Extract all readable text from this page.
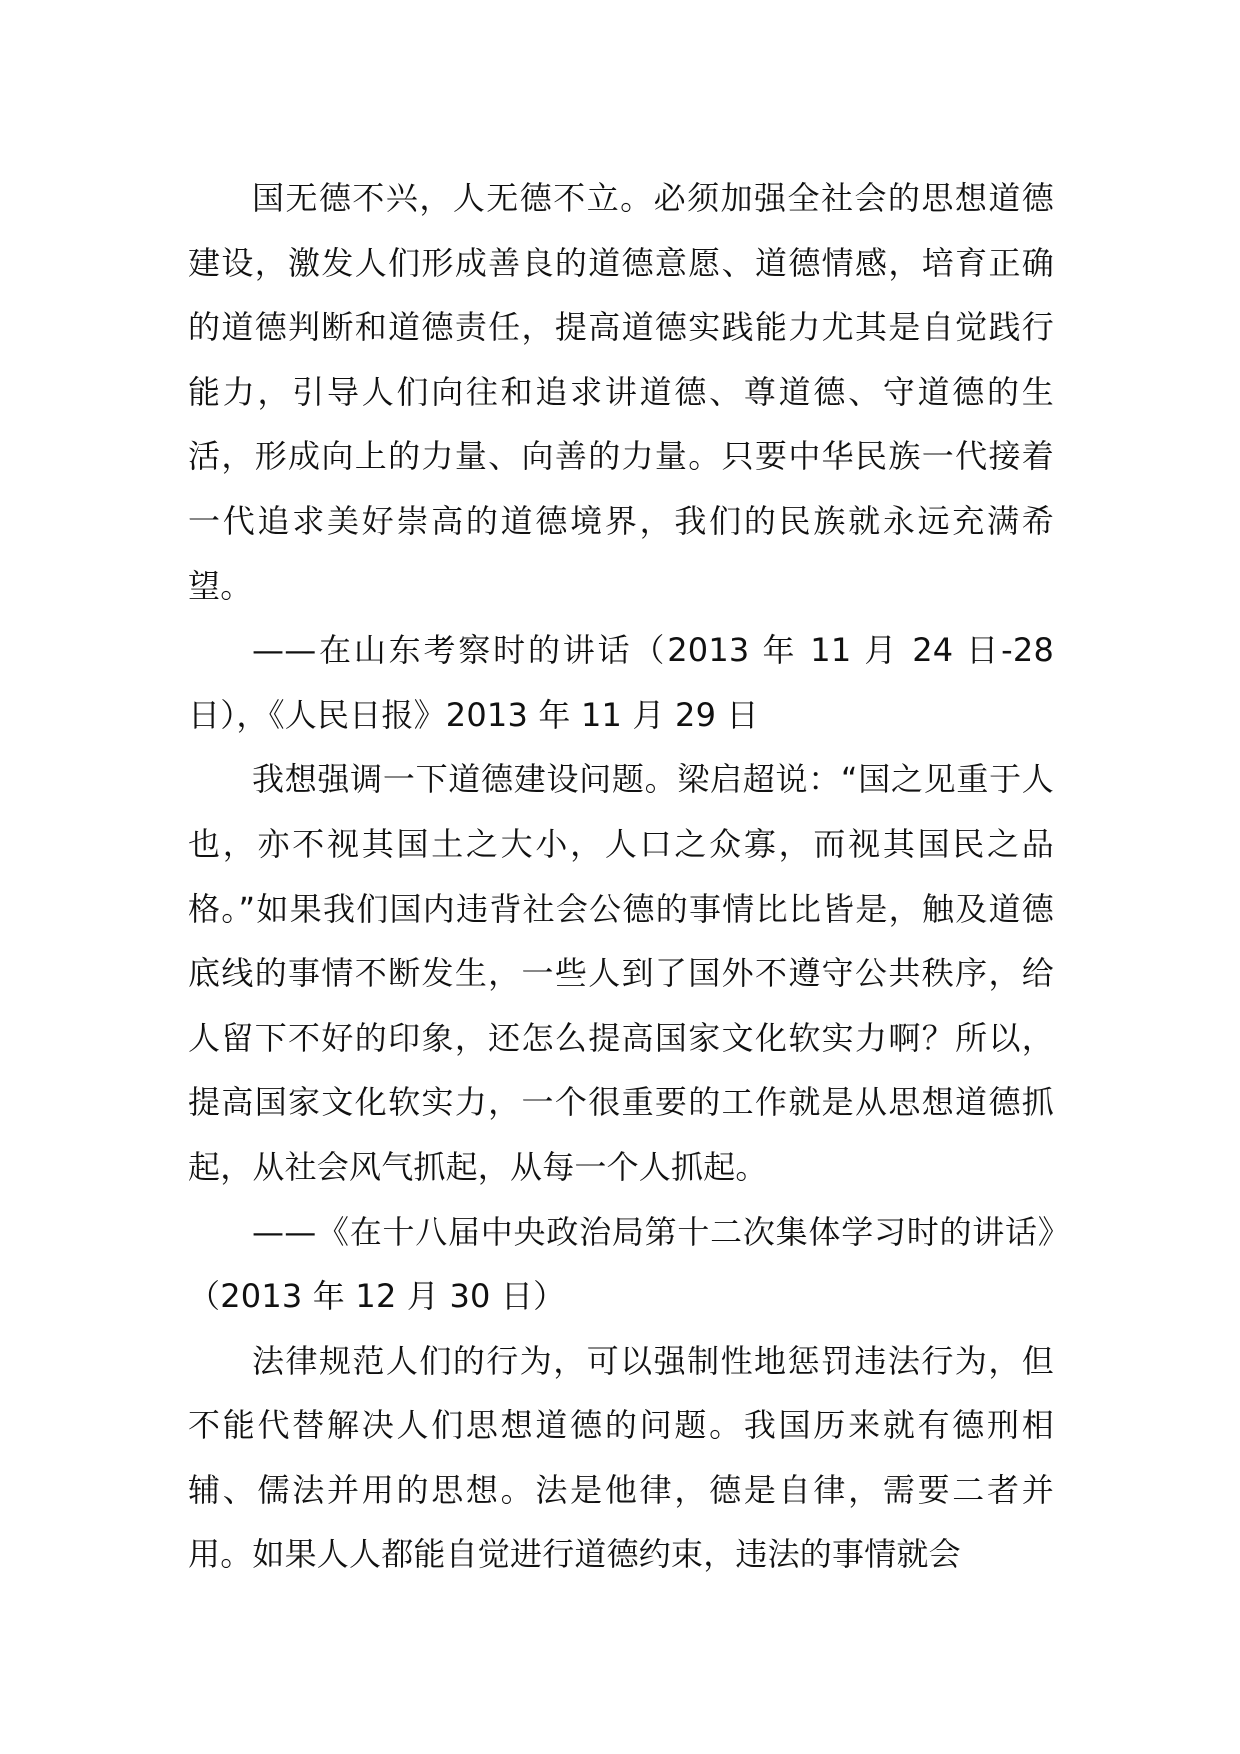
国无德不兴，人无德不立。必须加强全社会的思想道德建设，激发人们形成善良的道德意愿、道德情感，培育正确的道德判断和道德责任，提高道德实践能力尤其是自觉践行能力，引导人们向往和追求讲道德、尊道德、守道德的生活，形成向上的力量、向善的力量。只要中华民族一代接着一代追求美好崇高的道德境界，我们的民族就永远充满希望。

——在山东考察时的讲话（2013 年 11 月 24 日-28 日），《人民日报》2013 年 11 月 29 日

我想强调一下道德建设问题。梁启超说：“国之见重于人也，亦不视其国土之大小，人口之众寡，而视其国民之品格。”如果我们国内违背社会公德的事情比比皆是，触及道德底线的事情不断发生，一些人到了国外不遵守公共秩序，给人留下不好的印象，还怎么提高国家文化软实力啊？所以，提高国家文化软实力，一个很重要的工作就是从思想道德抓起，从社会风气抓起，从每一个人抓起。

——《在十八届中央政治局第十二次集体学习时的讲话》（2013 年 12 月 30 日）

法律规范人们的行为，可以强制性地惩罚违法行为，但不能代替解决人们思想道德的问题。我国历来就有德刑相辅、儒法并用的思想。法是他律，德是自律，需要二者并用。如果人人都能自觉进行道德约束，违法的事情就会
